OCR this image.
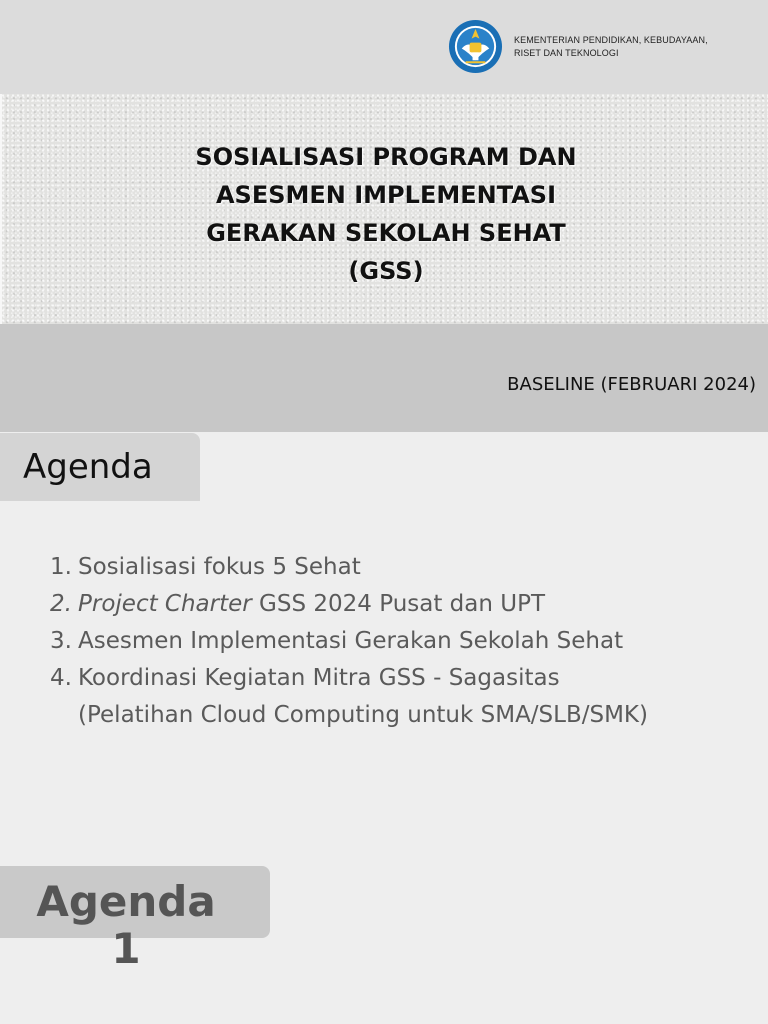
KEMENTERIAN PENDIDIKAN, KEBUDAYAAN,
RISET DAN TEKNOLOGI
SOSIALISASI PROGRAM DAN
ASESMEN IMPLEMENTASI
GERAKAN SEKOLAH SEHAT
(GSS)
BASELINE (FEBRUARI 2024)
Agenda
1. Sosialisasi fokus 5 Sehat
2. Project Charter GSS 2024 Pusat dan UPT
3. Asesmen Implementasi Gerakan Sekolah Sehat
4. Koordinasi Kegiatan Mitra GSS - Sagasitas
(Pelatihan Cloud Computing untuk SMA/SLB/SMK)
Agenda
1
